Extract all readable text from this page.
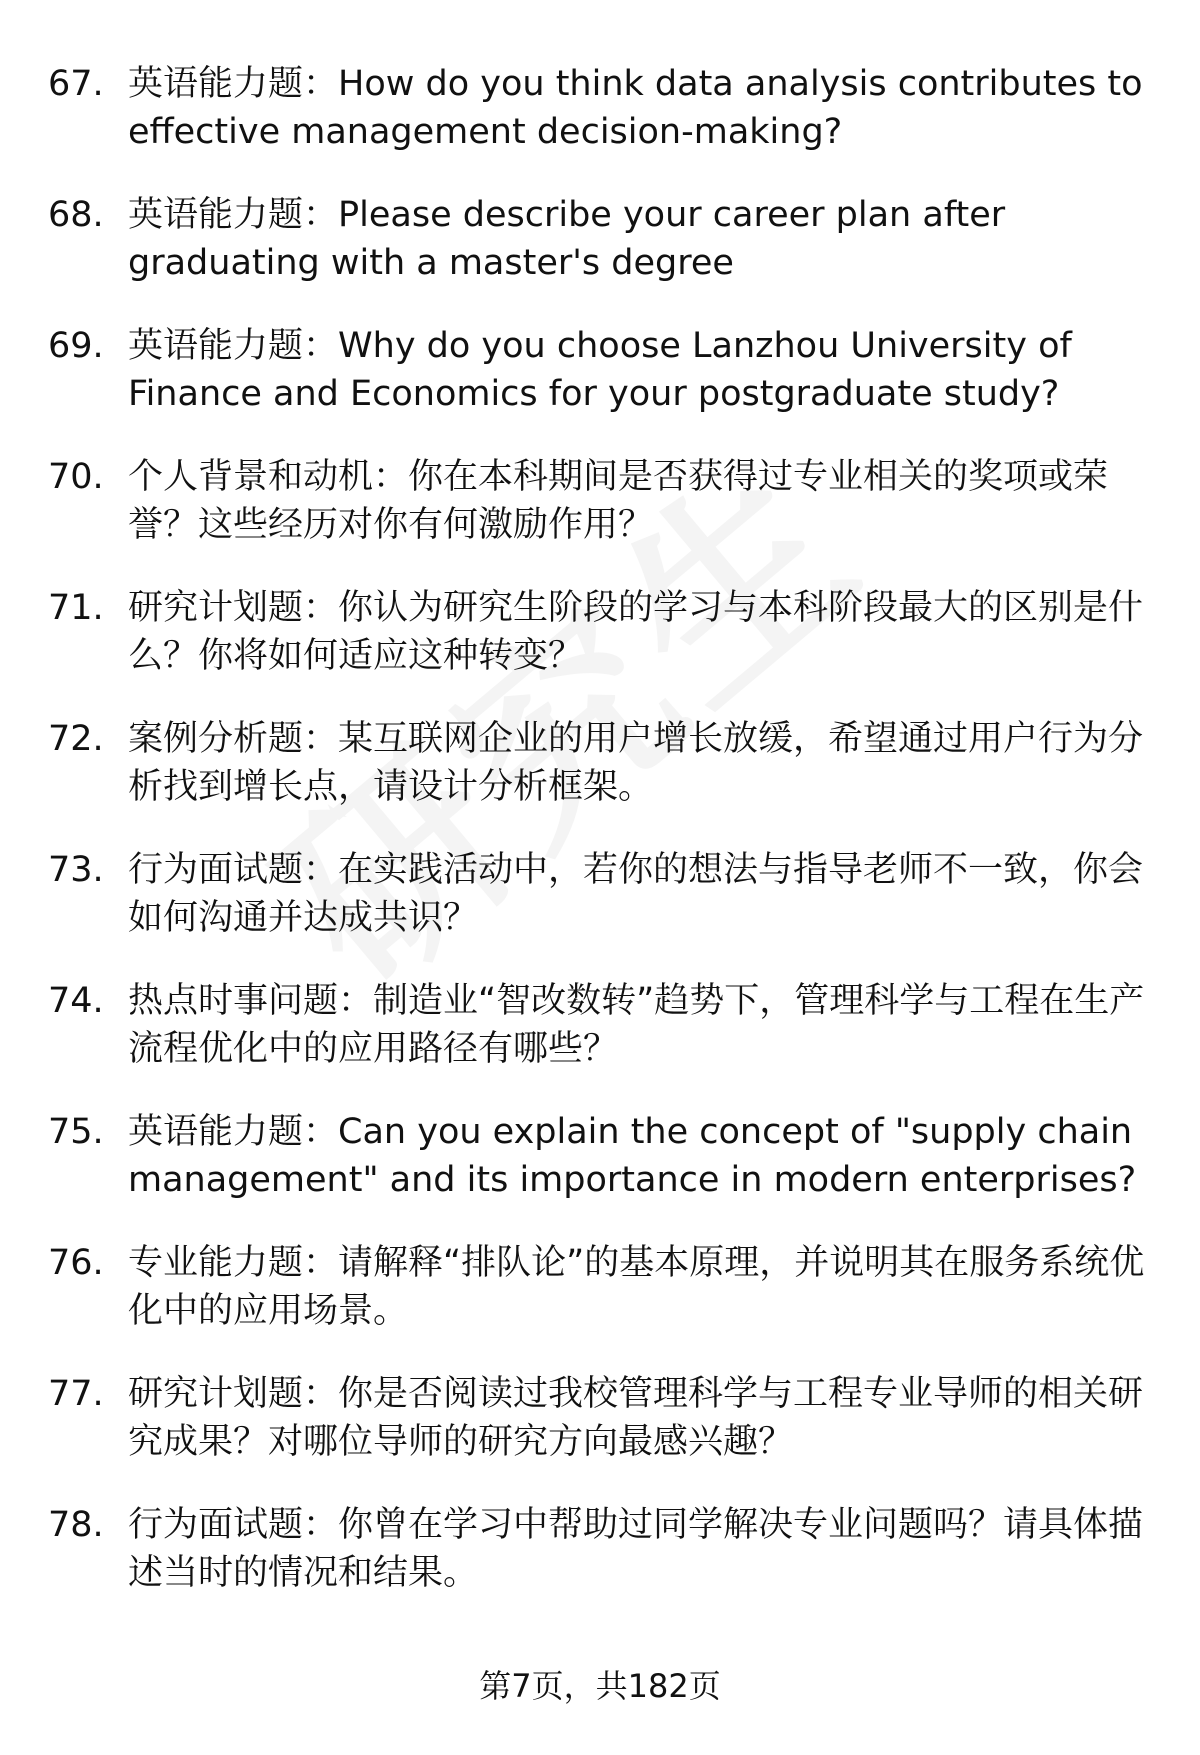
67. 英语能力题 ： How do you think data analysis contributes to effective management decision-making?
68. 英语能力题 ： Please describe your career plan after graduating with a master's degree
69. 英语能力题 ： Why do you choose Lanzhou University of Finance and Economics for your postgraduate study?
70. 个人背景和动机 ： 你在本科期间是否获得过专业相关的奖项或荣誉？这些经历对你有何激励作用？
71. 研究计划题 ： 你认为研究生阶段的学习与本科阶段最大的区别是什么？你将如何适应这种转变？
72. 案例分析题 ： 某互联网企业的用户增长放缓，希望通过用户行为分析找到增长点，请设计分析框架。
73. 行为面试题 ： 在实践活动中，若你的想法与指导老师不一致，你会如何沟通并达成共识？
74. 热点时事问题 ： 制造业“智改数转”趋势下，管理科学与工程在生产流程优化中的应用路径有哪些？
75. 英语能力题 ： Can you explain the concept of "supply chain management" and its importance in modern enterprises?
76. 专业能力题 ： 请解释“排队论”的基本原理，并说明其在服务系统优化中的应用场景。
77. 研究计划题 ： 你是否阅读过我校管理科学与工程专业导师的相关研究成果？对哪位导师的研究方向最感兴趣？
78. 行为面试题 ： 你曾在学习中帮助过同学解决专业问题吗？请具体描述当时的情况和结果。
第7页，共182页
